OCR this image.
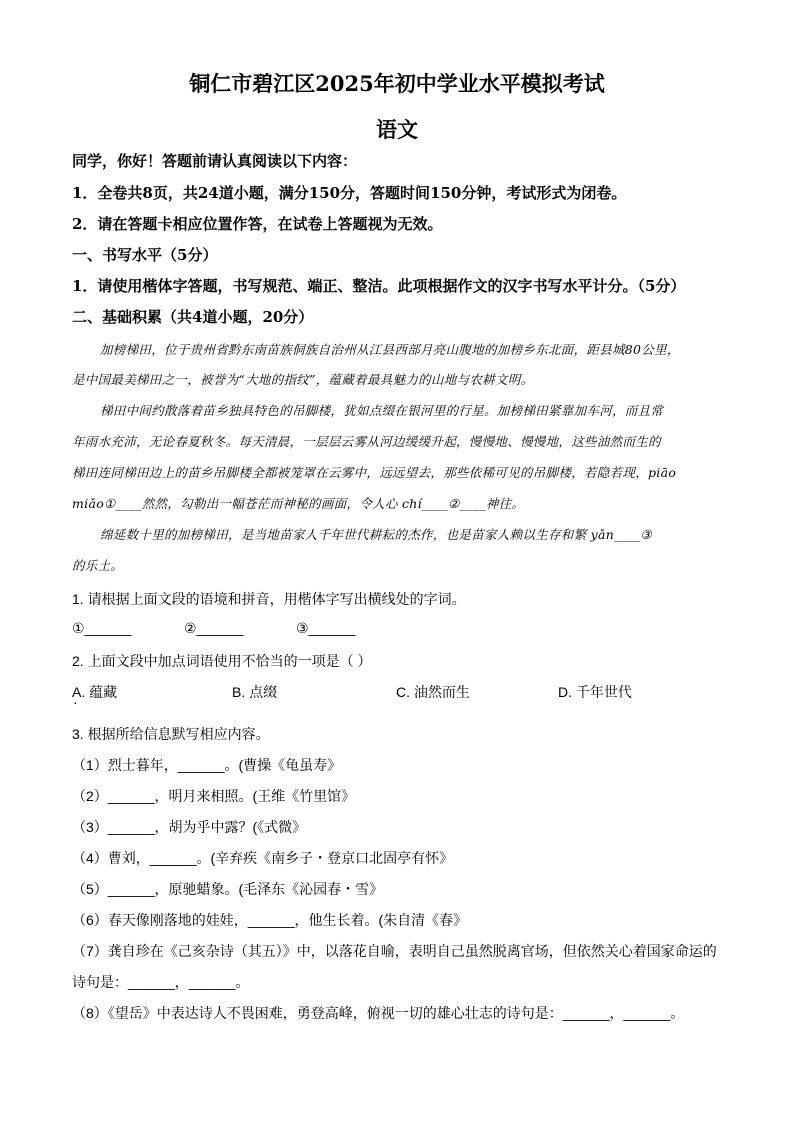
铜仁市碧江区2025年初中学业水平模拟考试
语文
同学，你好！答题前请认真阅读以下内容：
1．全卷共8页，共24道小题，满分150分，答题时间150分钟，考试形式为闭卷。
2．请在答题卡相应位置作答，在试卷上答题视为无效。
一、书写水平（5分）
1．请使用楷体字答题，书写规范、端正、整洁。此项根据作文的汉字书写水平计分。（5分）
二、基础积累（共4道小题，20分）
加榜梯田，位于贵州省黔东南苗族侗族自治州从江县西部月亮山腹地的加榜乡东北面，距县城80公里，
是中国最美梯田之一，被誉为“大地的指纹”，蕴藏着最具魅力的山地与农耕文明。
梯田中间约散落着苗乡独具特色的吊脚楼，犹如点缀在银河里的行星。加榜梯田紧靠加车河，而且常
年雨水充沛，无论春夏秋冬。每天清晨，一层层云雾从河边缓缓升起，慢慢地、慢慢地，这些油然而生的
梯田连同梯田边上的苗乡吊脚楼全都被笼罩在云雾中，远远望去，那些依稀可见的吊脚楼，若隐若现，piāo
miǎo①____然然，勾勒出一幅苍茫而神秘的画面，令人心 chí____②____神往。
绵延数十里的加榜梯田，是当地苗家人千年世代耕耘的杰作，也是苗家人赖以生存和繁 yǎn____③
的乐土。
1. 请根据上面文段的语境和拼音，用楷体字写出横线处的字词。
①______	②______	③______
2. 上面文段中加点词语使用不恰当的一项是（ ）
A. 蕴藏 ·	B. 点缀	C. 油然而生	D. 千年世代
3. 根据所给信息默写相应内容。
（1）烈士暮年，______。(曹操《龟虽寿》
（2）______，明月来相照。(王维《竹里馆》
（3）______，胡为乎中露？(《式微》
（4）曹刘，______。(辛弃疾《南乡子・登京口北固亭有怀》
（5）______，原驰蜡象。(毛泽东《沁园春・雪》
（6）春天像刚落地的娃娃，______，他生长着。(朱自清《春》
（7）龚自珍在《己亥杂诗（其五）》中，以落花自喻，表明自己虽然脱离官场，但依然关心着国家命运的
诗句是：______，______。
（8）《望岳》中表达诗人不畏困难，勇登高峰，俯视一切的雄心壮志的诗句是：______，______。
